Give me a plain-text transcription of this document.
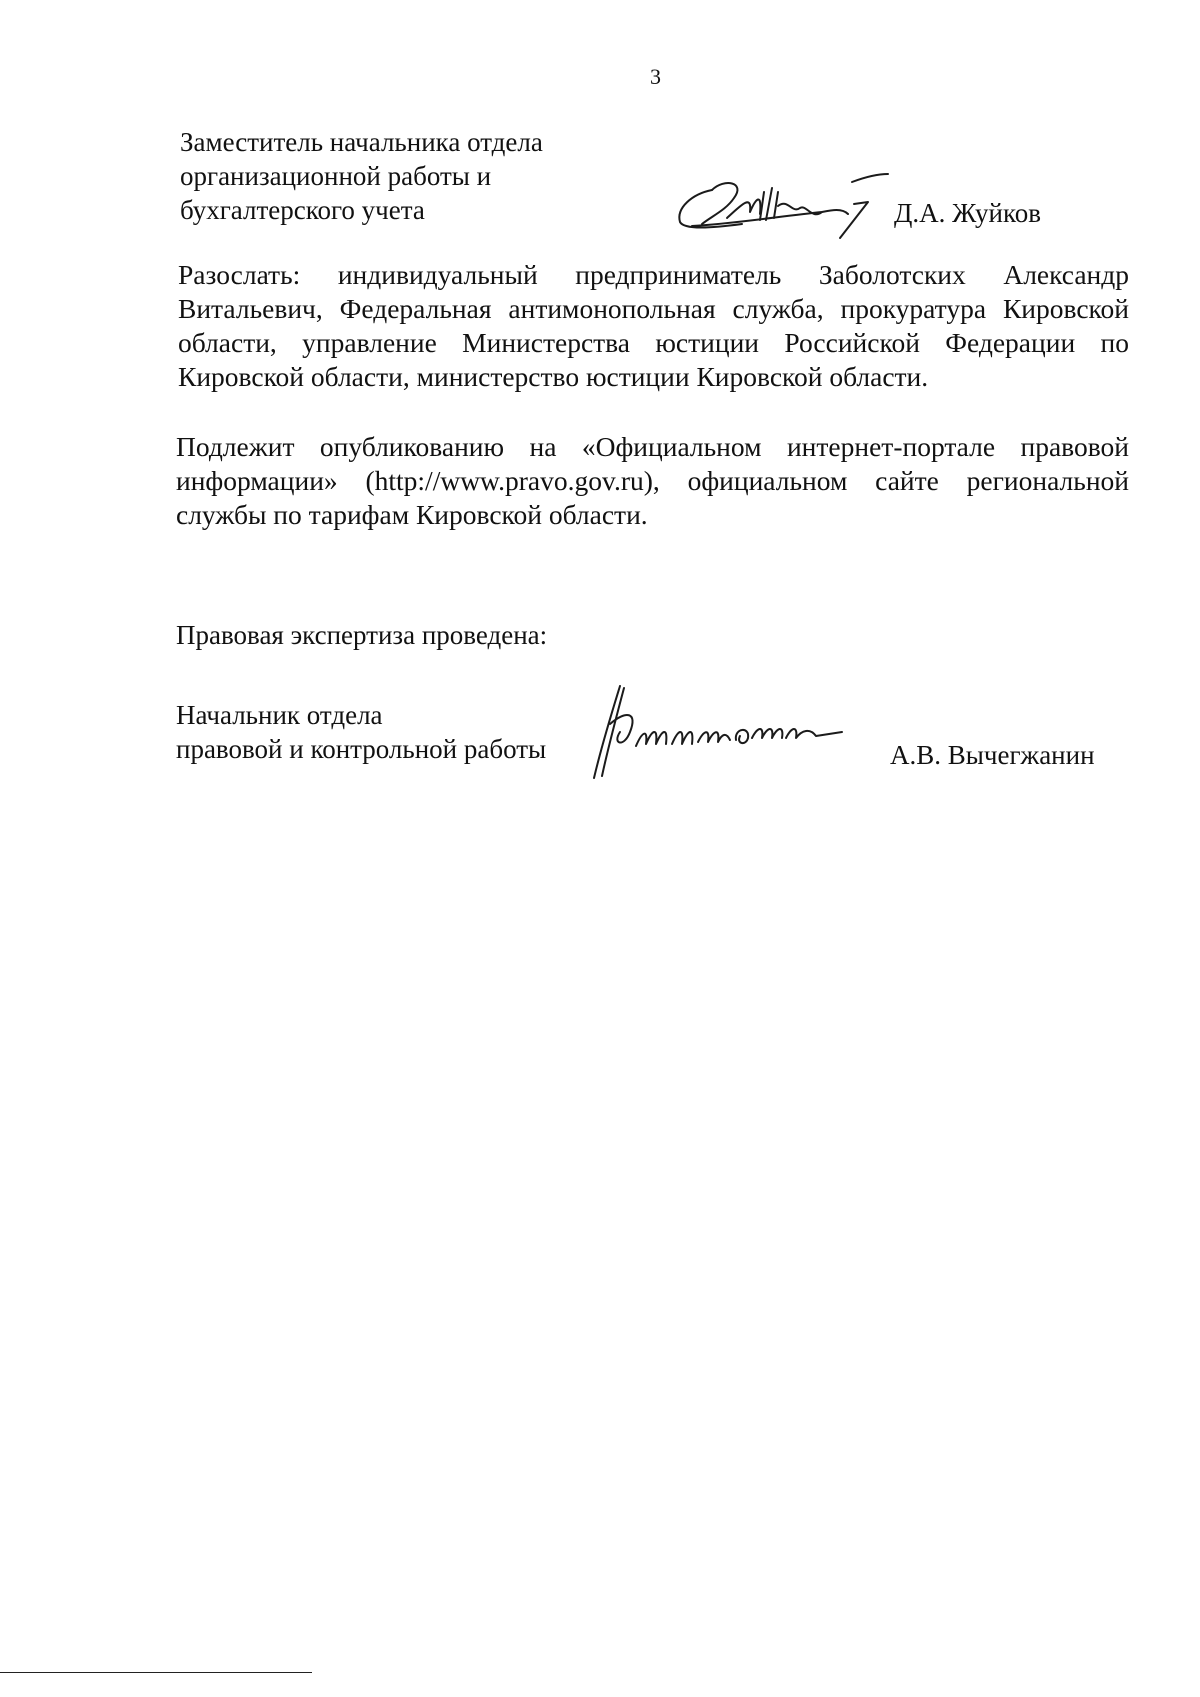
3
Заместитель начальника отдела
организационной работы и
бухгалтерского учета	Д.А. Жуйков

Разослать: индивидуальный предприниматель Заболотских Александр Витальевич, Федеральная антимонопольная служба, прокуратура Кировской области, управление Министерства юстиции Российской Федерации по Кировской области, министерство юстиции Кировской области.

Подлежит опубликованию на «Официальном интернет-портале правовой информации» (http://www.pravo.gov.ru), официальном сайте региональной службы по тарифам Кировской области.

Правовая экспертиза проведена:
Начальник отдела
правовой и контрольной работы	А.В. Вычегжанин
